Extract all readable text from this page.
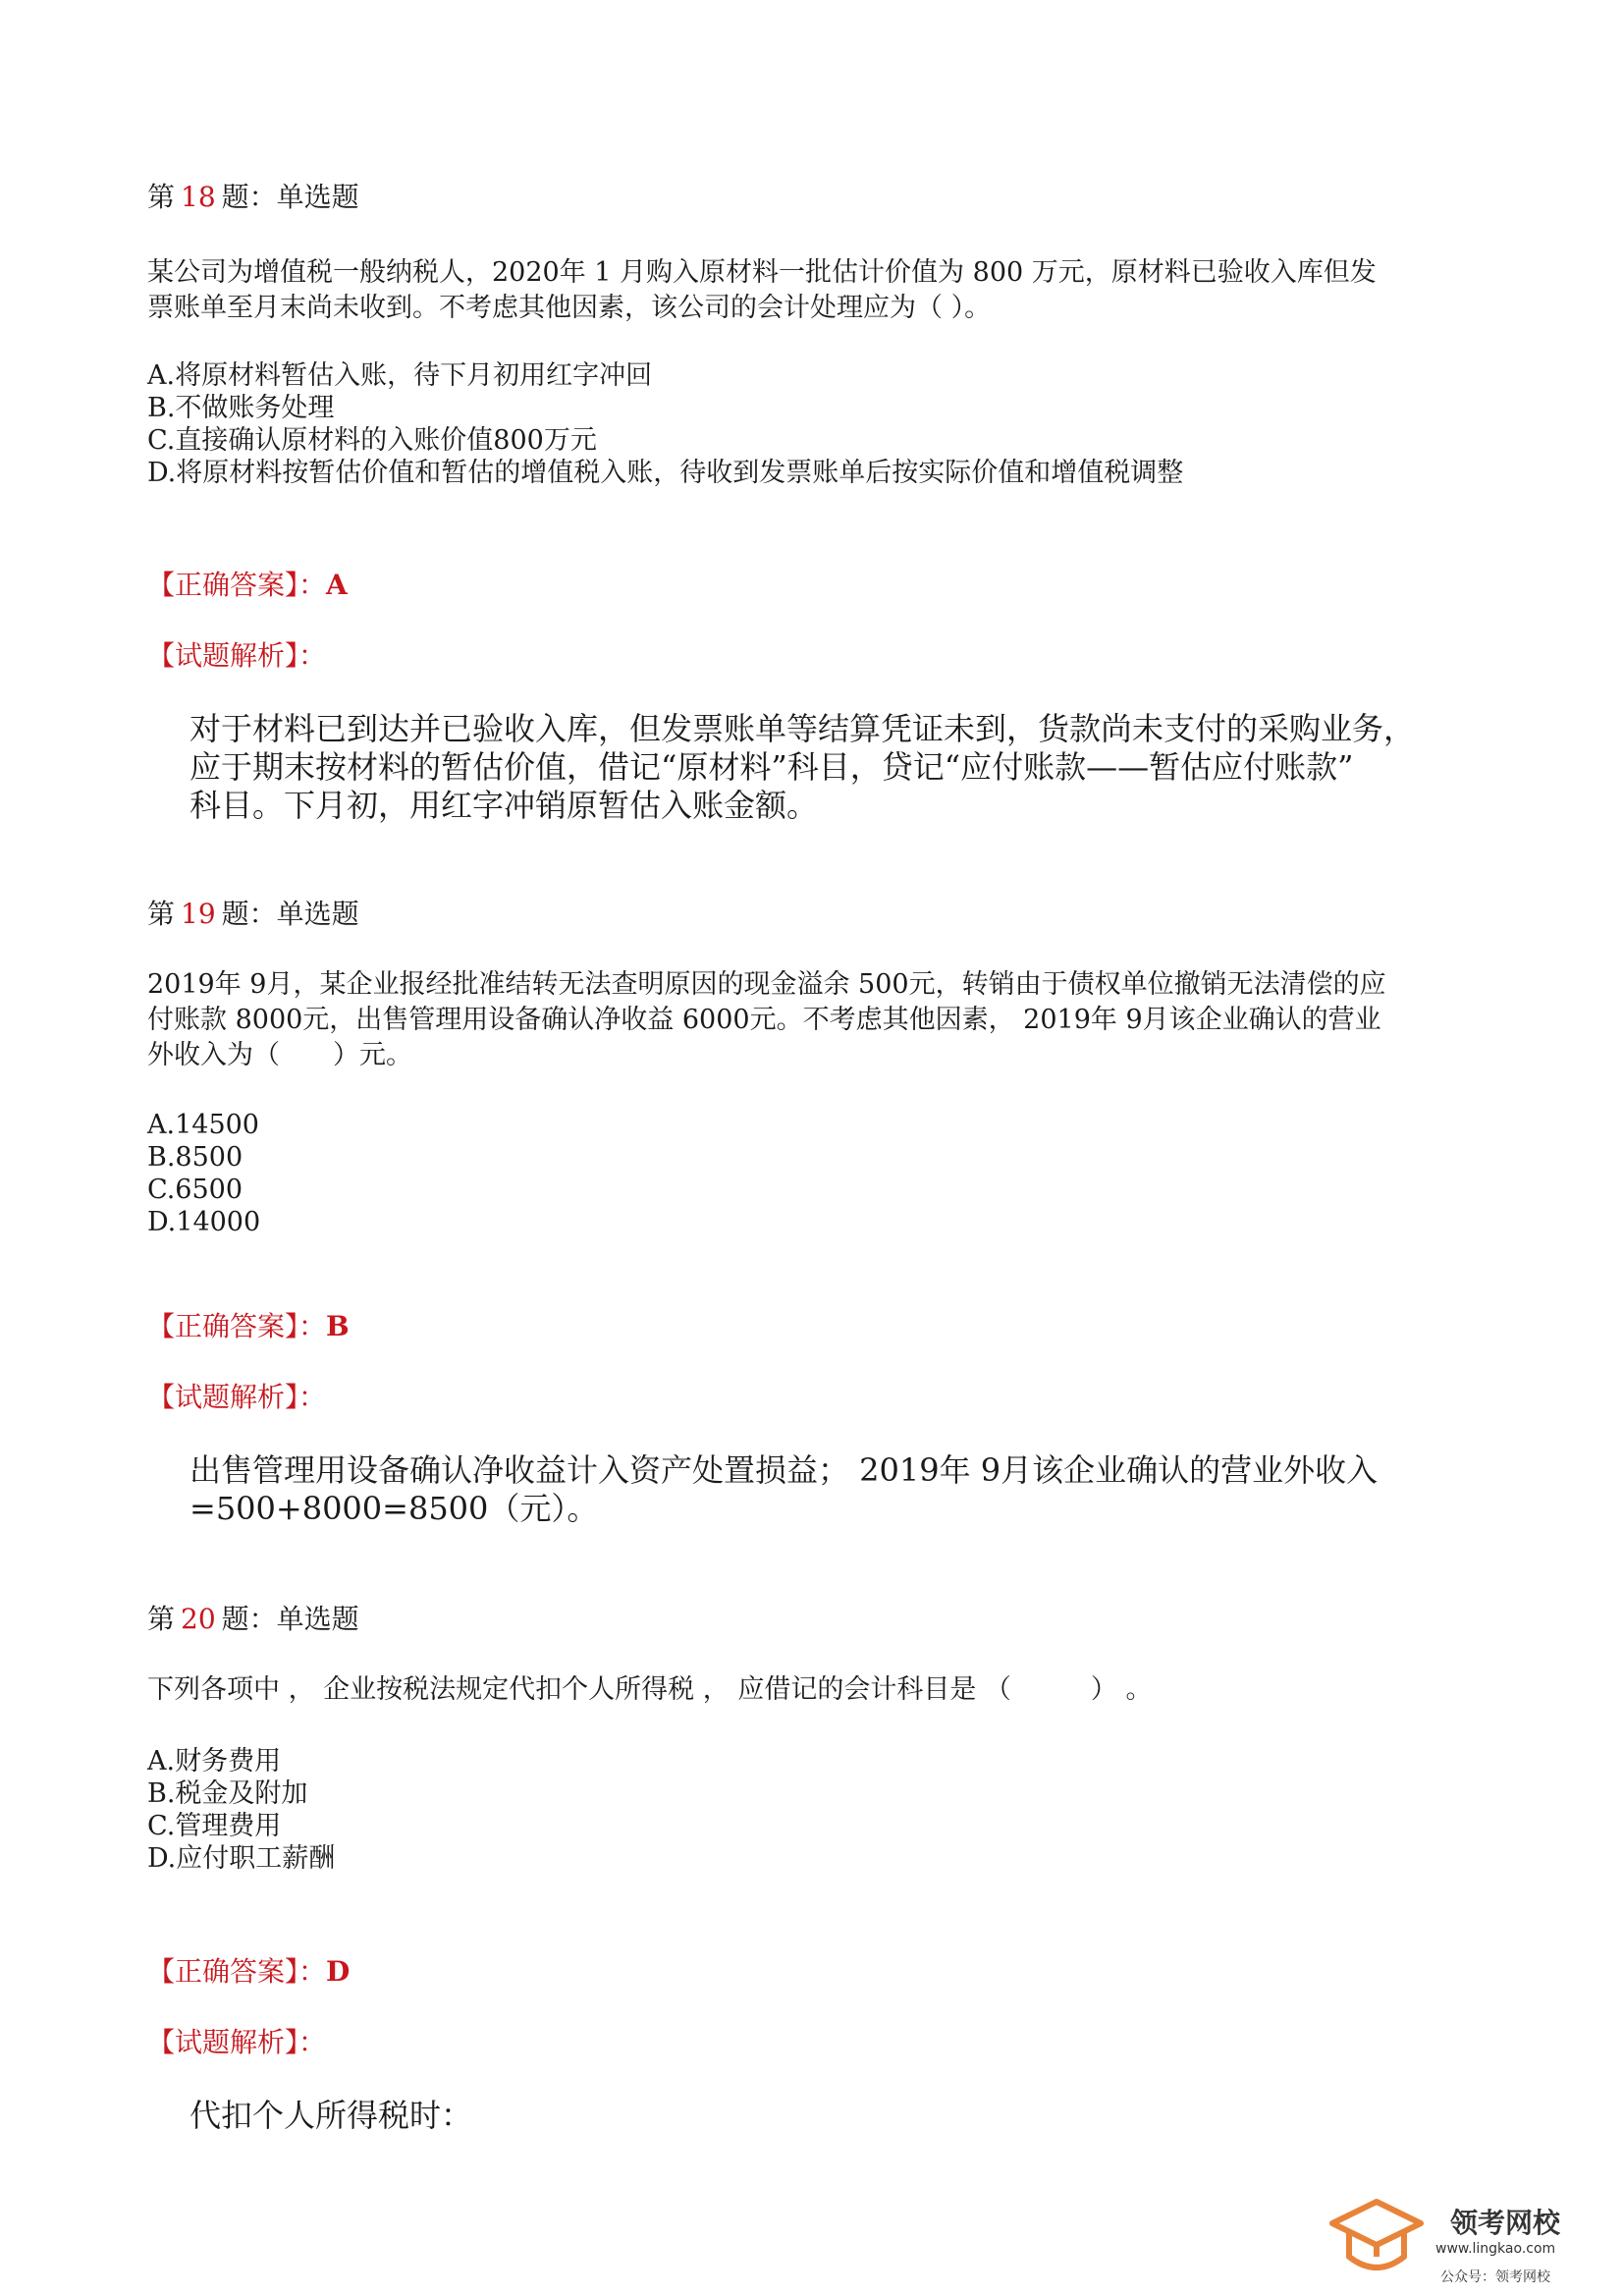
第 18 题：单选题

某公司为增值税一般纳税人，2020年 1 月购入原材料一批估计价值为 800 万元，原材料已验收入库但发

票账单至月末尚未收到。不考虑其他因素，该公司的会计处理应为（ ）。

A.将原材料暂估入账，待下月初用红字冲回
B.不做账务处理
C.直接确认原材料的入账价值800万元
D.将原材料按暂估价值和暂估的增值税入账，待收到发票账单后按实际价值和增值税调整
【正确答案】：A
【试题解析】：

对于材料已到达并已验收入库，但发票账单等结算凭证未到，货款尚未支付的采购业务，

应于期末按材料的暂估价值，借记“原材料”科目，贷记“应付账款——暂估应付账款”

科目。下月初，用红字冲销原暂估入账金额。

第 19 题：单选题

2019年 9月，某企业报经批准结转无法查明原因的现金溢余 500元，转销由于债权单位撤销无法清偿的应

付账款 8000元，出售管理用设备确认净收益 6000元。不考虑其他因素， 2019年 9月该企业确认的营业

外收入为（　　）元。

A.14500
B.8500
C.6500
D.14000
【正确答案】：B
【试题解析】：

出售管理用设备确认净收益计入资产处置损益； 2019年 9月该企业确认的营业外收入

=500+8000=8500（元）。

第 20 题：单选题

下列各项中 ， 企业按税法规定代扣个人所得税 ， 应借记的会计科目是 （　　　） 。

A.财务费用
B.税金及附加
C.管理费用
D.应付职工薪酬
【正确答案】：D
【试题解析】：

代扣个人所得税时：

领考网校
www.lingkao.com
公众号：领考网校
